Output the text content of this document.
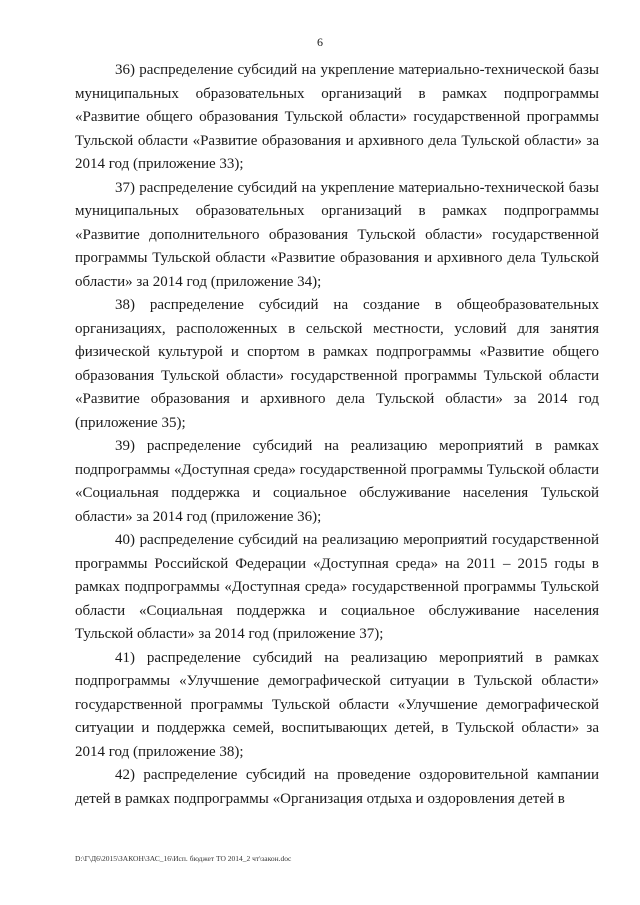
6

36) распределение субсидий на укрепление материально-технической базы муниципальных образовательных организаций в рамках подпрограммы «Развитие общего образования Тульской области» государственной программы Тульской области «Развитие образования и архивного дела Тульской области» за 2014 год (приложение 33);

37) распределение субсидий на укрепление материально-технической базы муниципальных образовательных организаций в рамках подпрограммы «Развитие дополнительного образования Тульской области» государственной программы Тульской области «Развитие образования и архивного дела Тульской области» за 2014 год (приложение 34);

38) распределение субсидий на создание в общеобразовательных организациях, расположенных в сельской местности, условий для занятия физической культурой и спортом в рамках подпрограммы «Развитие общего образования Тульской области» государственной программы Тульской области «Развитие образования и архивного дела Тульской области» за 2014 год (приложение 35);

39) распределение субсидий на реализацию мероприятий в рамках подпрограммы «Доступная среда» государственной программы Тульской области «Социальная поддержка и социальное обслуживание населения Тульской области» за 2014 год (приложение 36);

40) распределение субсидий на реализацию мероприятий государственной программы Российской Федерации «Доступная среда» на 2011 – 2015 годы в рамках подпрограммы «Доступная среда» государственной программы Тульской области «Социальная поддержка и социальное обслуживание населения Тульской области» за 2014 год (приложение 37);

41) распределение субсидий на реализацию мероприятий в рамках подпрограммы «Улучшение демографической ситуации в Тульской области» государственной программы Тульской области «Улучшение демографической ситуации и поддержка семей, воспитывающих детей, в Тульской области» за 2014 год (приложение 38);

42) распределение субсидий на проведение оздоровительной кампании детей в рамках подпрограммы «Организация отдыха и оздоровления детей в

D:\Г\Д6\2015\ЗАКОН\ЗАС_16\Исп. бюджет ТО 2014_2 чт\закон.doc
